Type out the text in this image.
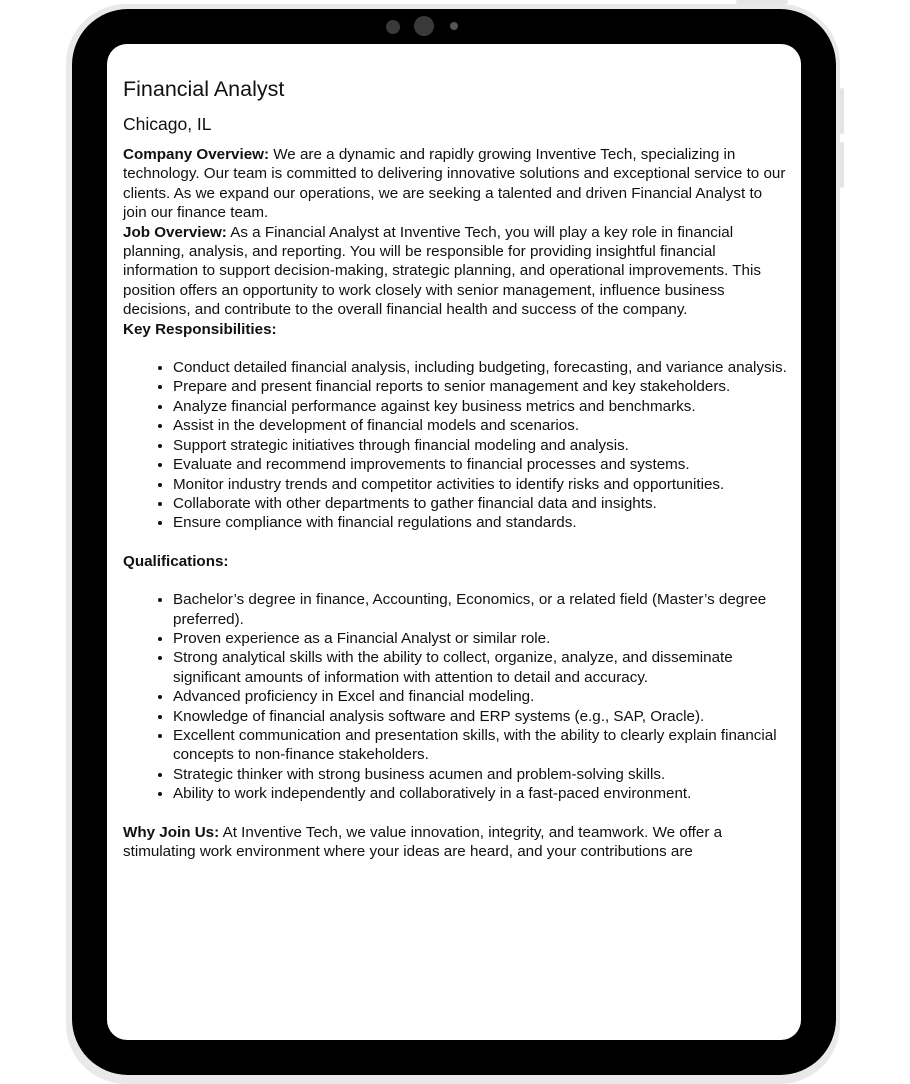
Financial Analyst
Chicago, IL

Company Overview: We are a dynamic and rapidly growing Inventive Tech, specializing in technology. Our team is committed to delivering innovative solutions and exceptional service to our clients. As we expand our operations, we are seeking a talented and driven Financial Analyst to join our finance team.

Job Overview: As a Financial Analyst at Inventive Tech, you will play a key role in financial planning, analysis, and reporting. You will be responsible for providing insightful financial information to support decision-making, strategic planning, and operational improvements. This position offers an opportunity to work closely with senior management, influence business decisions, and contribute to the overall financial health and success of the company.

Key Responsibilities:

• Conduct detailed financial analysis, including budgeting, forecasting, and variance analysis.
• Prepare and present financial reports to senior management and key stakeholders.
• Analyze financial performance against key business metrics and benchmarks.
• Assist in the development of financial models and scenarios.
• Support strategic initiatives through financial modeling and analysis.
• Evaluate and recommend improvements to financial processes and systems.
• Monitor industry trends and competitor activities to identify risks and opportunities.
• Collaborate with other departments to gather financial data and insights.
• Ensure compliance with financial regulations and standards.

Qualifications:

• Bachelor’s degree in finance, Accounting, Economics, or a related field (Master’s degree preferred).
• Proven experience as a Financial Analyst or similar role.
• Strong analytical skills with the ability to collect, organize, analyze, and disseminate significant amounts of information with attention to detail and accuracy.
• Advanced proficiency in Excel and financial modeling.
• Knowledge of financial analysis software and ERP systems (e.g., SAP, Oracle).
• Excellent communication and presentation skills, with the ability to clearly explain financial concepts to non-finance stakeholders.
• Strategic thinker with strong business acumen and problem-solving skills.
• Ability to work independently and collaboratively in a fast-paced environment.

Why Join Us: At Inventive Tech, we value innovation, integrity, and teamwork. We offer a stimulating work environment where your ideas are heard, and your contributions are
